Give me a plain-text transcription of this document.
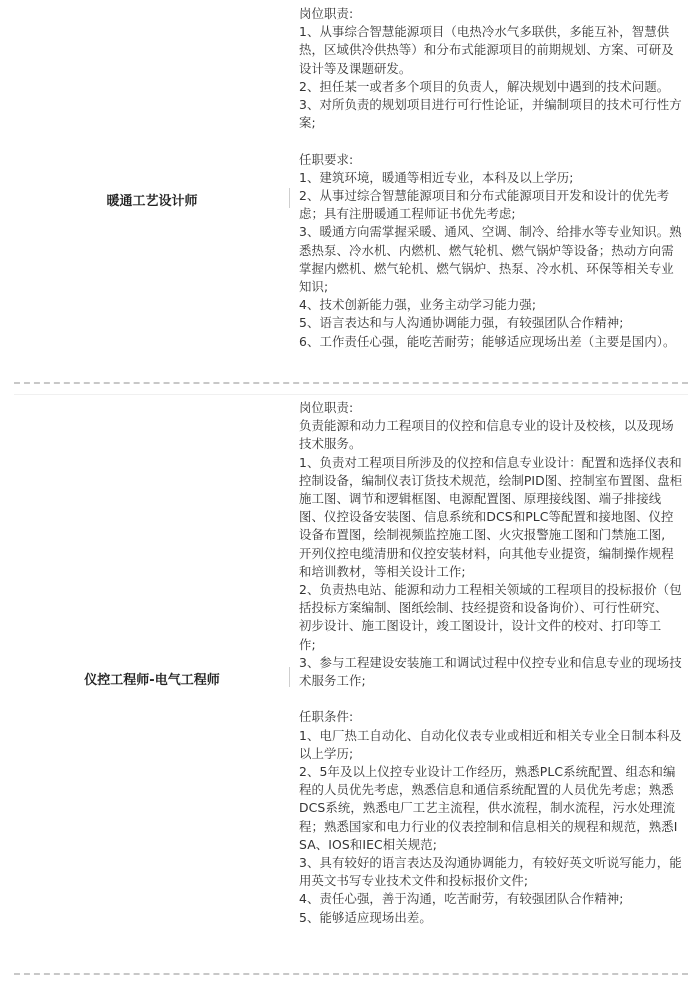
暖通工艺设计师
岗位职责:
1、从事综合智慧能源项目（电热冷水气多联供，多能互补，智慧供
热，区域供冷供热等）和分布式能源项目的前期规划、方案、可研及
设计等及课题研发。
2、担任某一或者多个项目的负责人，解决规划中遇到的技术问题。
3、对所负责的规划项目进行可行性论证，并编制项目的技术可行性方
案;
任职要求:
1、建筑环境，暖通等相近专业，本科及以上学历;
2、从事过综合智慧能源项目和分布式能源项目开发和设计的优先考
虑；具有注册暖通工程师证书优先考虑;
3、暖通方向需掌握采暖、通风、空调、制冷、给排水等专业知识。熟
悉热泵、冷水机、内燃机、燃气轮机、燃气锅炉等设备；热动方向需
掌握内燃机、燃气轮机、燃气锅炉、热泵、冷水机、环保等相关专业
知识;
4、技术创新能力强，业务主动学习能力强;
5、语言表达和与人沟通协调能力强，有较强团队合作精神;
6、工作责任心强，能吃苦耐劳；能够适应现场出差（主要是国内）。
仪控工程师-电气工程师
岗位职责:
负责能源和动力工程项目的仪控和信息专业的设计及校核，以及现场
技术服务。
1、负责对工程项目所涉及的仪控和信息专业设计：配置和选择仪表和
控制设备，编制仪表订货技术规范，绘制PID图、控制室布置图、盘柜
施工图、调节和逻辑框图、电源配置图、原理接线图、端子排接线
图、仪控设备安装图、信息系统和DCS和PLC等配置和接地图、仪控
设备布置图，绘制视频监控施工图、火灾报警施工图和门禁施工图,
开列仪控电缆清册和仪控安装材料，向其他专业提资，编制操作规程
和培训教材，等相关设计工作;
2、负责热电站、能源和动力工程相关领域的工程项目的投标报价（包
括投标方案编制、图纸绘制、技经提资和设备询价）、可行性研究、
初步设计、施工图设计，竣工图设计，设计文件的校对、打印等工
作;
3、参与工程建设安装施工和调试过程中仪控专业和信息专业的现场技
术服务工作;
任职条件:
1、电厂热工自动化、自动化仪表专业或相近和相关专业全日制本科及
以上学历;
2、5年及以上仪控专业设计工作经历，熟悉PLC系统配置、组态和编
程的人员优先考虑，熟悉信息和通信系统配置的人员优先考虑；熟悉
DCS系统，熟悉电厂工艺主流程，供水流程，制水流程，污水处理流
程；熟悉国家和电力行业的仪表控制和信息相关的规程和规范，熟悉I
SA、IOS和IEC相关规范;
3、具有较好的语言表达及沟通协调能力，有较好英文听说写能力，能
用英文书写专业技术文件和投标报价文件;
4、责任心强，善于沟通，吃苦耐劳，有较强团队合作精神;
5、能够适应现场出差。
